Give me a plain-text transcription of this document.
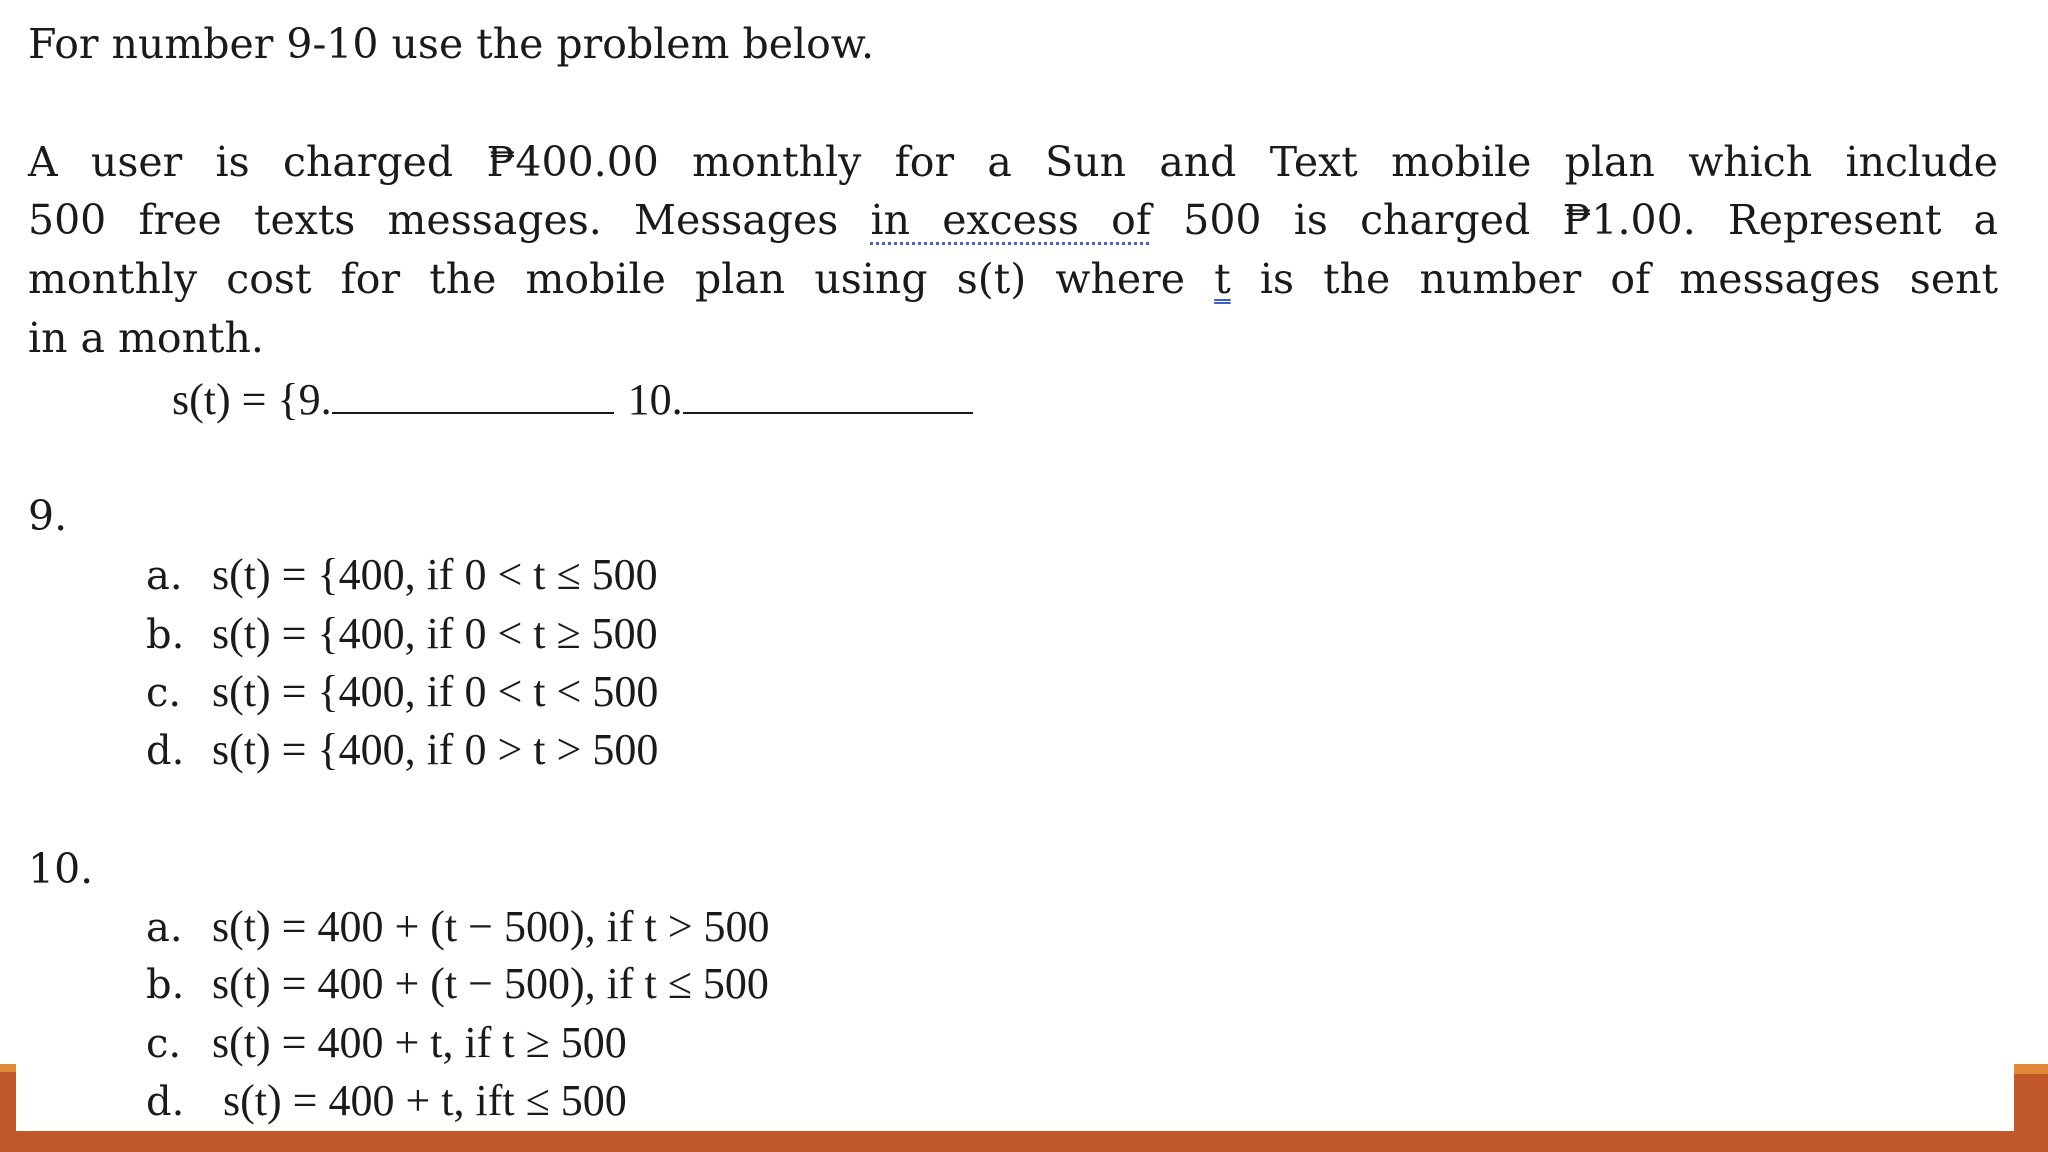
For number 9-10 use the problem below.
A user is charged ₱400.00 monthly for a Sun and Text mobile plan which include
500 free texts messages. Messages in excess of 500 is charged ₱1.00. Represent a
monthly cost for the mobile plan using s(t) where t is the number of messages sent
in a month.
s(t) = {9.	10.
9.
a. s(t) = {400, if 0 < t ≤ 500
b. s(t) = {400, if 0 < t ≥ 500
c. s(t) = {400, if 0 < t < 500
d. s(t) = {400, if 0 > t > 500
10.
a. s(t) = 400 + (t − 500), if t > 500
b. s(t) = 400 + (t − 500), if t ≤ 500
c. s(t) = 400 + t, if t ≥ 500
d. s(t) = 400 + t, ift ≤ 500
